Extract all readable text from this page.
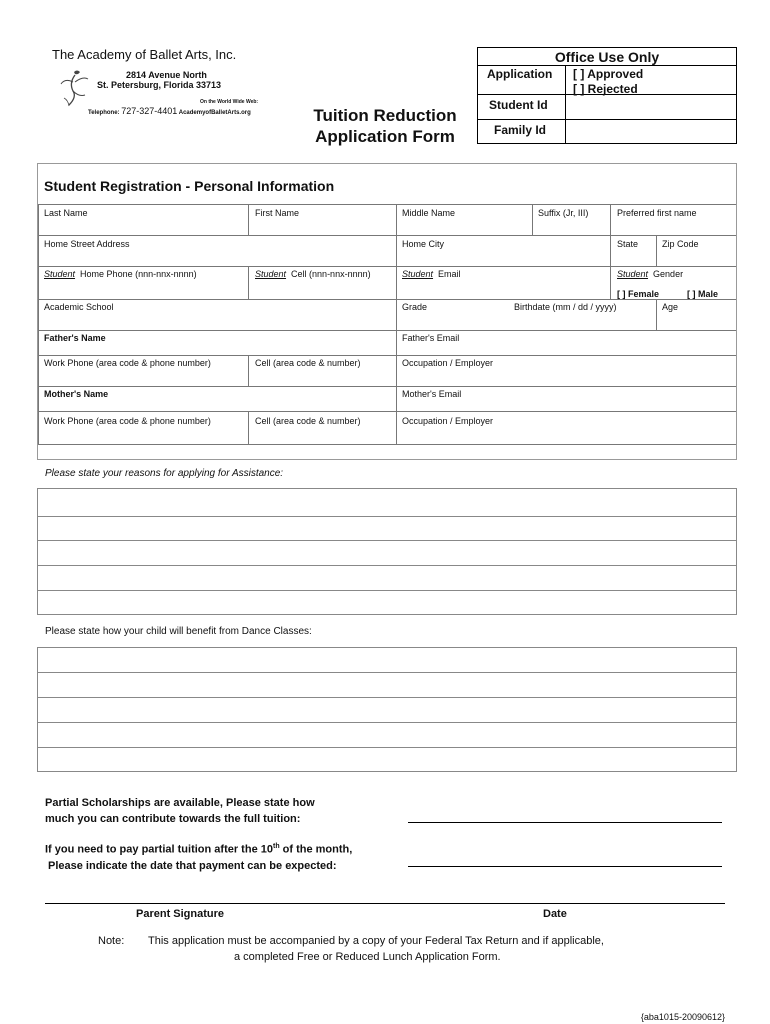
The Academy of Ballet Arts, Inc.
2814 Avenue North
St. Petersburg, Florida 33713
On the World Wide Web:
Telephone: 727-327-4401 AcademyofBalletArts.org	Tuition Reduction
Application Form
Office Use Only
Application [ ] Approved
[ ] Rejected
Student Id
Family Id
Student Registration - Personal Information
Last Name	First Name	Middle Name	Suffix (Jr, III)	Preferred first name
Home Street Address	Home City	State	Zip Code
Student Home Phone (nnn-nnx-nnnn)	Student Cell (nnn-nnx-nnnn)	Student Email	Student Gender
[ ] Female	[ ] Male
Academic School	Grade	Birthdate (mm / dd / yyyy)	Age
Father's Name	Father's Email
Work Phone (area code & phone number)	Cell (area code & number)	Occupation / Employer
Mother's Name	Mother's Email
Work Phone (area code & phone number)	Cell (area code & number)	Occupation / Employer
Please state your reasons for applying for Assistance:
Please state how your child will benefit from Dance Classes:
Partial Scholarships are available, Please state how
much you can contribute towards the full tuition:
If you need to pay partial tuition after the 10th of the month,
Please indicate the date that payment can be expected:
Parent Signature	Date
Note: This application must be accompanied by a copy of your Federal Tax Return and if applicable,
a completed Free or Reduced Lunch Application Form.
{aba1015-20090612}
